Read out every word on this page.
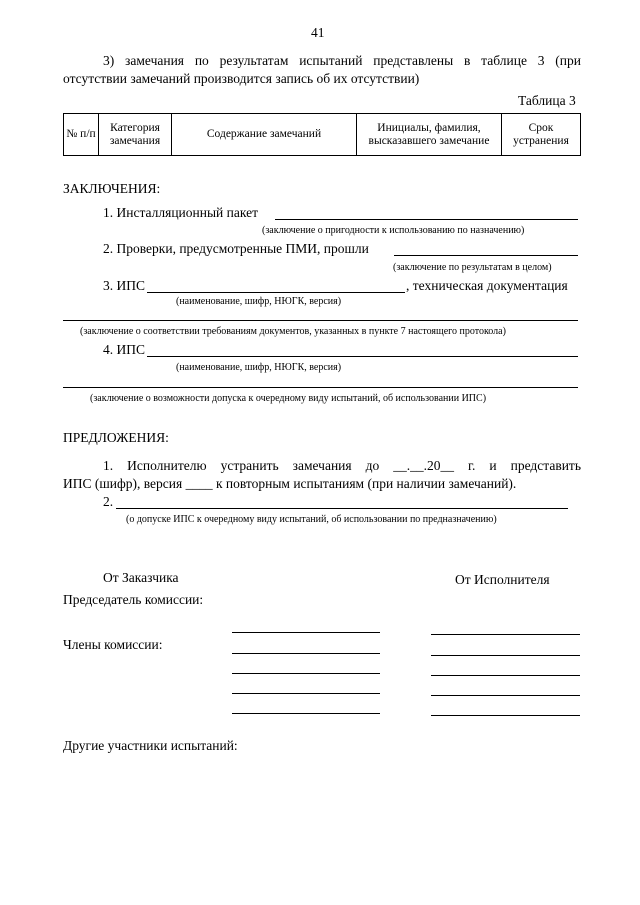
41
3) замечания по результатам испытаний представлены в таблице 3 (при
отсутствии замечаний производится запись об их отсутствии)
Таблица 3
№ п/п	Категория замечания	Содержание замечаний	Инициалы, фамилия, высказавшего замечание	Срок устранения
ЗАКЛЮЧЕНИЯ:
1. Инсталляционный пакет
(заключение о пригодности к использованию по назначению)
2. Проверки, предусмотренные ПМИ, прошли
(заключение по результатам в целом)
3. ИПС	, техническая документация
(наименование, шифр, НЮГК, версия)
(заключение о соответствии требованиям документов, указанных в пункте 7 настоящего протокола)
4. ИПС
(наименование, шифр, НЮГК, версия)
(заключение о возможности допуска к очередному виду испытаний, об использовании ИПС)
ПРЕДЛОЖЕНИЯ:
1. Исполнителю устранить замечания до __.__.20__ г. и представить
ИПС (шифр), версия ____ к повторным испытаниям (при наличии замечаний).
2.
(о допуске ИПС к очередному виду испытаний, об использовании по предназначению)
От Заказчика	От Исполнителя
Председатель комиссии:
Члены комиссии:
Другие участники испытаний:
